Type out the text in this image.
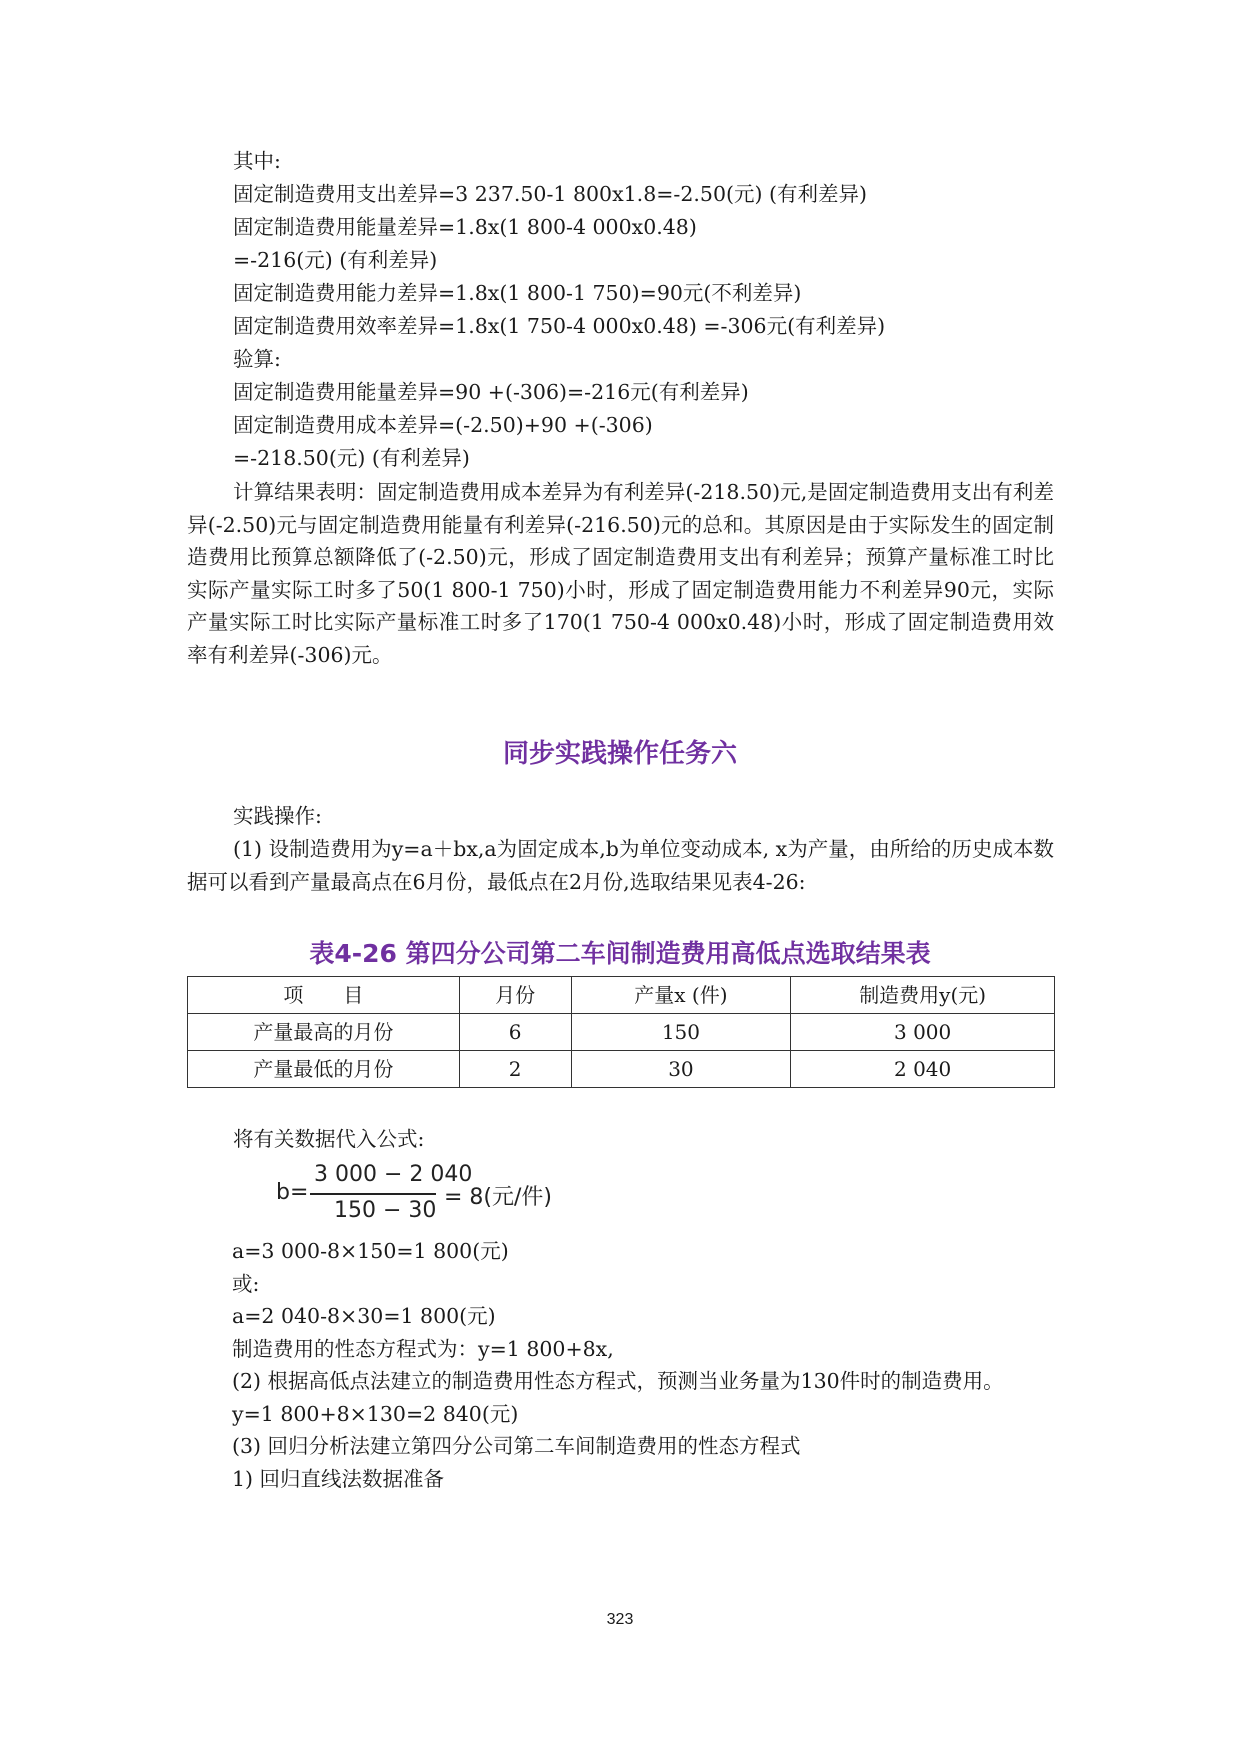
其中:
固定制造费用支出差异=3 237.50-1 800x1.8=-2.50(元) (有利差异)
固定制造费用能量差异=1.8x(1 800-4 000x0.48)
=-216(元) (有利差异)
固定制造费用能力差异=1.8x(1 800-1 750)=90元(不利差异)
固定制造费用效率差异=1.8x(1 750-4 000x0.48) =-306元(有利差异)
验算:
固定制造费用能量差异=90 +(-306)=-216元(有利差异)
固定制造费用成本差异=(-2.50)+90 +(-306)
=-218.50(元) (有利差异)
计算结果表明：固定制造费用成本差异为有利差异(-218.50)元,是固定制造费用支出有利差异(-2.50)元与固定制造费用能量有利差异(-216.50)元的总和。其原因是由于实际发生的固定制造费用比预算总额降低了(-2.50)元，形成了固定制造费用支出有利差异；预算产量标准工时比实际产量实际工时多了50(1 800-1 750)小时，形成了固定制造费用能力不利差异90元，实际产量实际工时比实际产量标准工时多了170(1 750-4 000x0.48)小时，形成了固定制造费用效率有利差异(-306)元。
同步实践操作任务六
实践操作:
(1) 设制造费用为y=a＋bx,a为固定成本,b为单位变动成本, x为产量，由所给的历史成本数据可以看到产量最高点在6月份，最低点在2月份,选取结果见表4-26:
表4-26 第四分公司第二车间制造费用高低点选取结果表
项　　目	月份	产量x (件)	制造费用y(元)
产量最高的月份	6	150	3 000
产量最低的月份	2	30	2 040
将有关数据代入公式:
b=
3 000 − 2 040
150 − 30
= 8(元/件)
a=3 000-8×150=1 800(元)
或:
a=2 040-8×30=1 800(元)
制造费用的性态方程式为：y=1 800+8x,
(2) 根据高低点法建立的制造费用性态方程式，预测当业务量为130件时的制造费用。
y=1 800+8×130=2 840(元)
(3) 回归分析法建立第四分公司第二车间制造费用的性态方程式
1) 回归直线法数据准备
323
